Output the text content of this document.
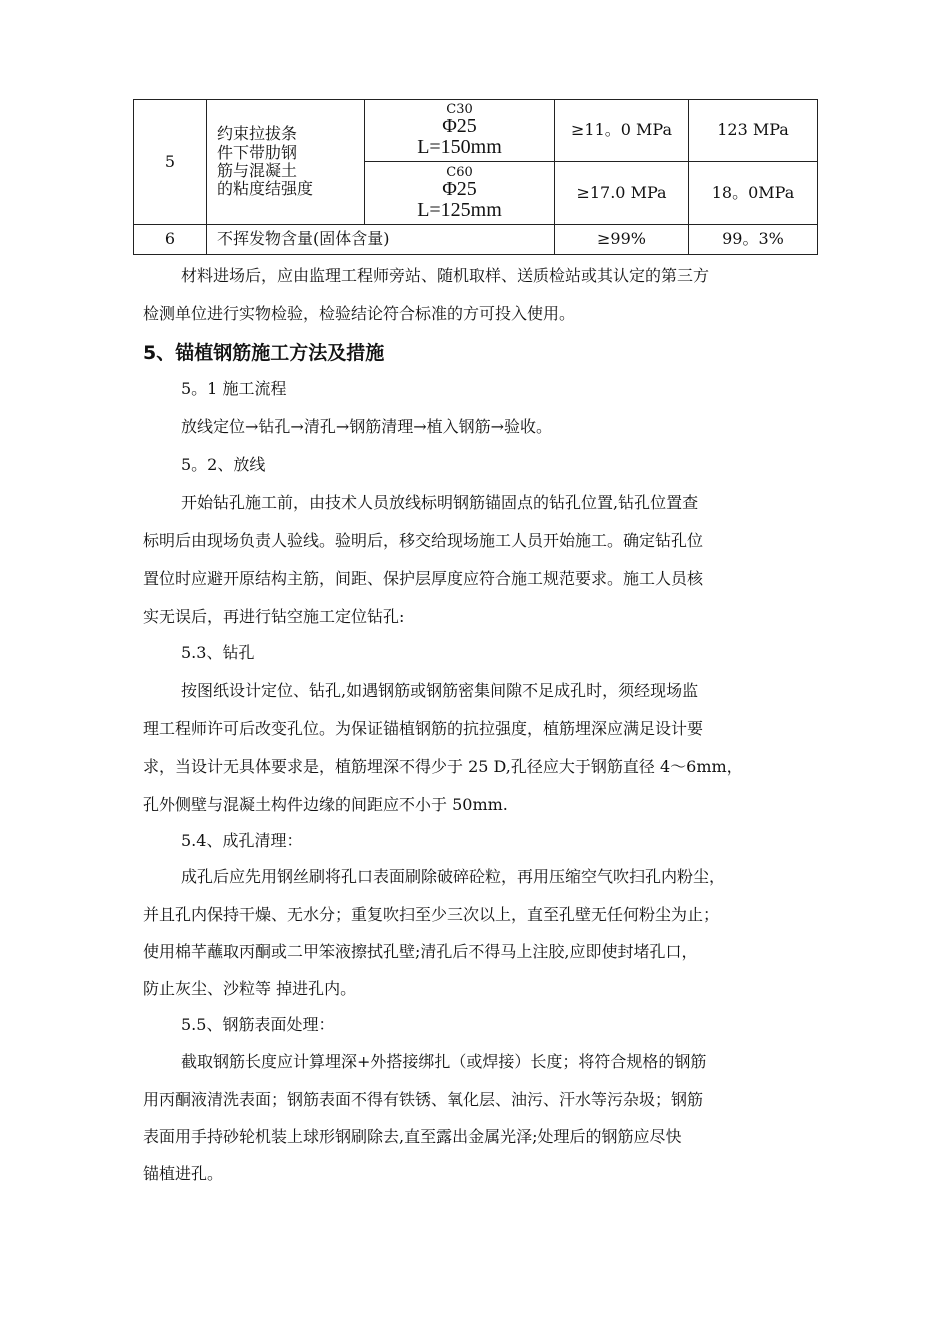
5	约束拉拔条
件下带肋钢
筋与混凝土
的粘度结强度	C30
Φ25
L=150mm	≥11。0 MPa	123 MPa

		C60
Φ25
L=125mm	≥17.0 MPa	18。0MPa
6	不挥发物含量(固体含量)		≥99%	99。3%
材料进场后，应由监理工程师旁站、随机取样、送质检站或其认定的第三方
检测单位进行实物检验，检验结论符合标准的方可投入使用。
5、锚植钢筋施工方法及措施
5。1 施工流程
放线定位→钻孔→清孔→钢筋清理→植入钢筋→验收。
5。2、放线
开始钻孔施工前，由技术人员放线标明钢筋锚固点的钻孔位置,钻孔位置查
标明后由现场负责人验线。验明后，移交给现场施工人员开始施工。确定钻孔位
置位时应避开原结构主筋，间距、保护层厚度应符合施工规范要求。施工人员核
实无误后，再进行钻空施工定位钻孔:
5.3、钻孔
按图纸设计定位、钻孔,如遇钢筋或钢筋密集间隙不足成孔时，须经现场监
理工程师许可后改变孔位。为保证锚植钢筋的抗拉强度，植筋埋深应满足设计要
求，当设计无具体要求是，植筋埋深不得少于 25 D,孔径应大于钢筋直径 4～6mm，
孔外侧壁与混凝土构件边缘的间距应不小于 50mm.
5.4、成孔清理：
成孔后应先用钢丝刷将孔口表面刷除破碎砼粒，再用压缩空气吹扫孔内粉尘，
并且孔内保持干燥、无水分；重复吹扫至少三次以上，直至孔壁无任何粉尘为止；
使用棉芊蘸取丙酮或二甲笨液擦拭孔壁;清孔后不得马上注胶,应即使封堵孔口，
防止灰尘、沙粒等 掉进孔内。
5.5、钢筋表面处理：
截取钢筋长度应计算埋深+外搭接绑扎（或焊接）长度；将符合规格的钢筋
用丙酮液清洗表面；钢筋表面不得有铁锈、氧化层、油污、汗水等污杂圾；钢筋
表面用手持砂轮机装上球形钢刷除去,直至露出金属光泽;处理后的钢筋应尽快
锚植进孔。
